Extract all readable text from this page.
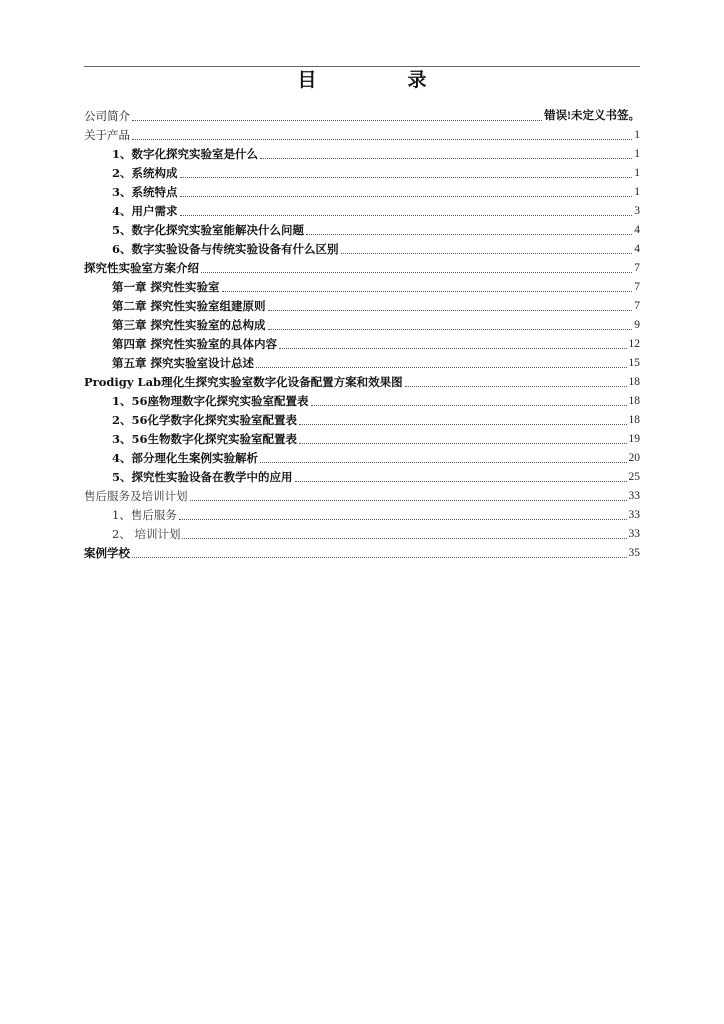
目　录
公司简介	错误!未定义书签。
关于产品	1
1、数字化探究实验室是什么	1
2、系统构成	1
3、系统特点	1
4、用户需求	3
5、数字化探究实验室能解决什么问题	4
6、数字实验设备与传统实验设备有什么区别	4
探究性实验室方案介绍	7
第一章 探究性实验室	7
第二章 探究性实验室组建原则	7
第三章 探究性实验室的总构成	9
第四章 探究性实验室的具体内容	12
第五章 探究实验室设计总述	15
Prodigy Lab理化生探究实验室数字化设备配置方案和效果图	18
1、56座物理数字化探究实验室配置表	18
2、56化学数字化探究实验室配置表	18
3、56生物数字化探究实验室配置表	19
4、部分理化生案例实验解析	20
5、探究性实验设备在教学中的应用	25
售后服务及培训计划	33
1、售后服务	33
2、 培训计划	33
案例学校	35
